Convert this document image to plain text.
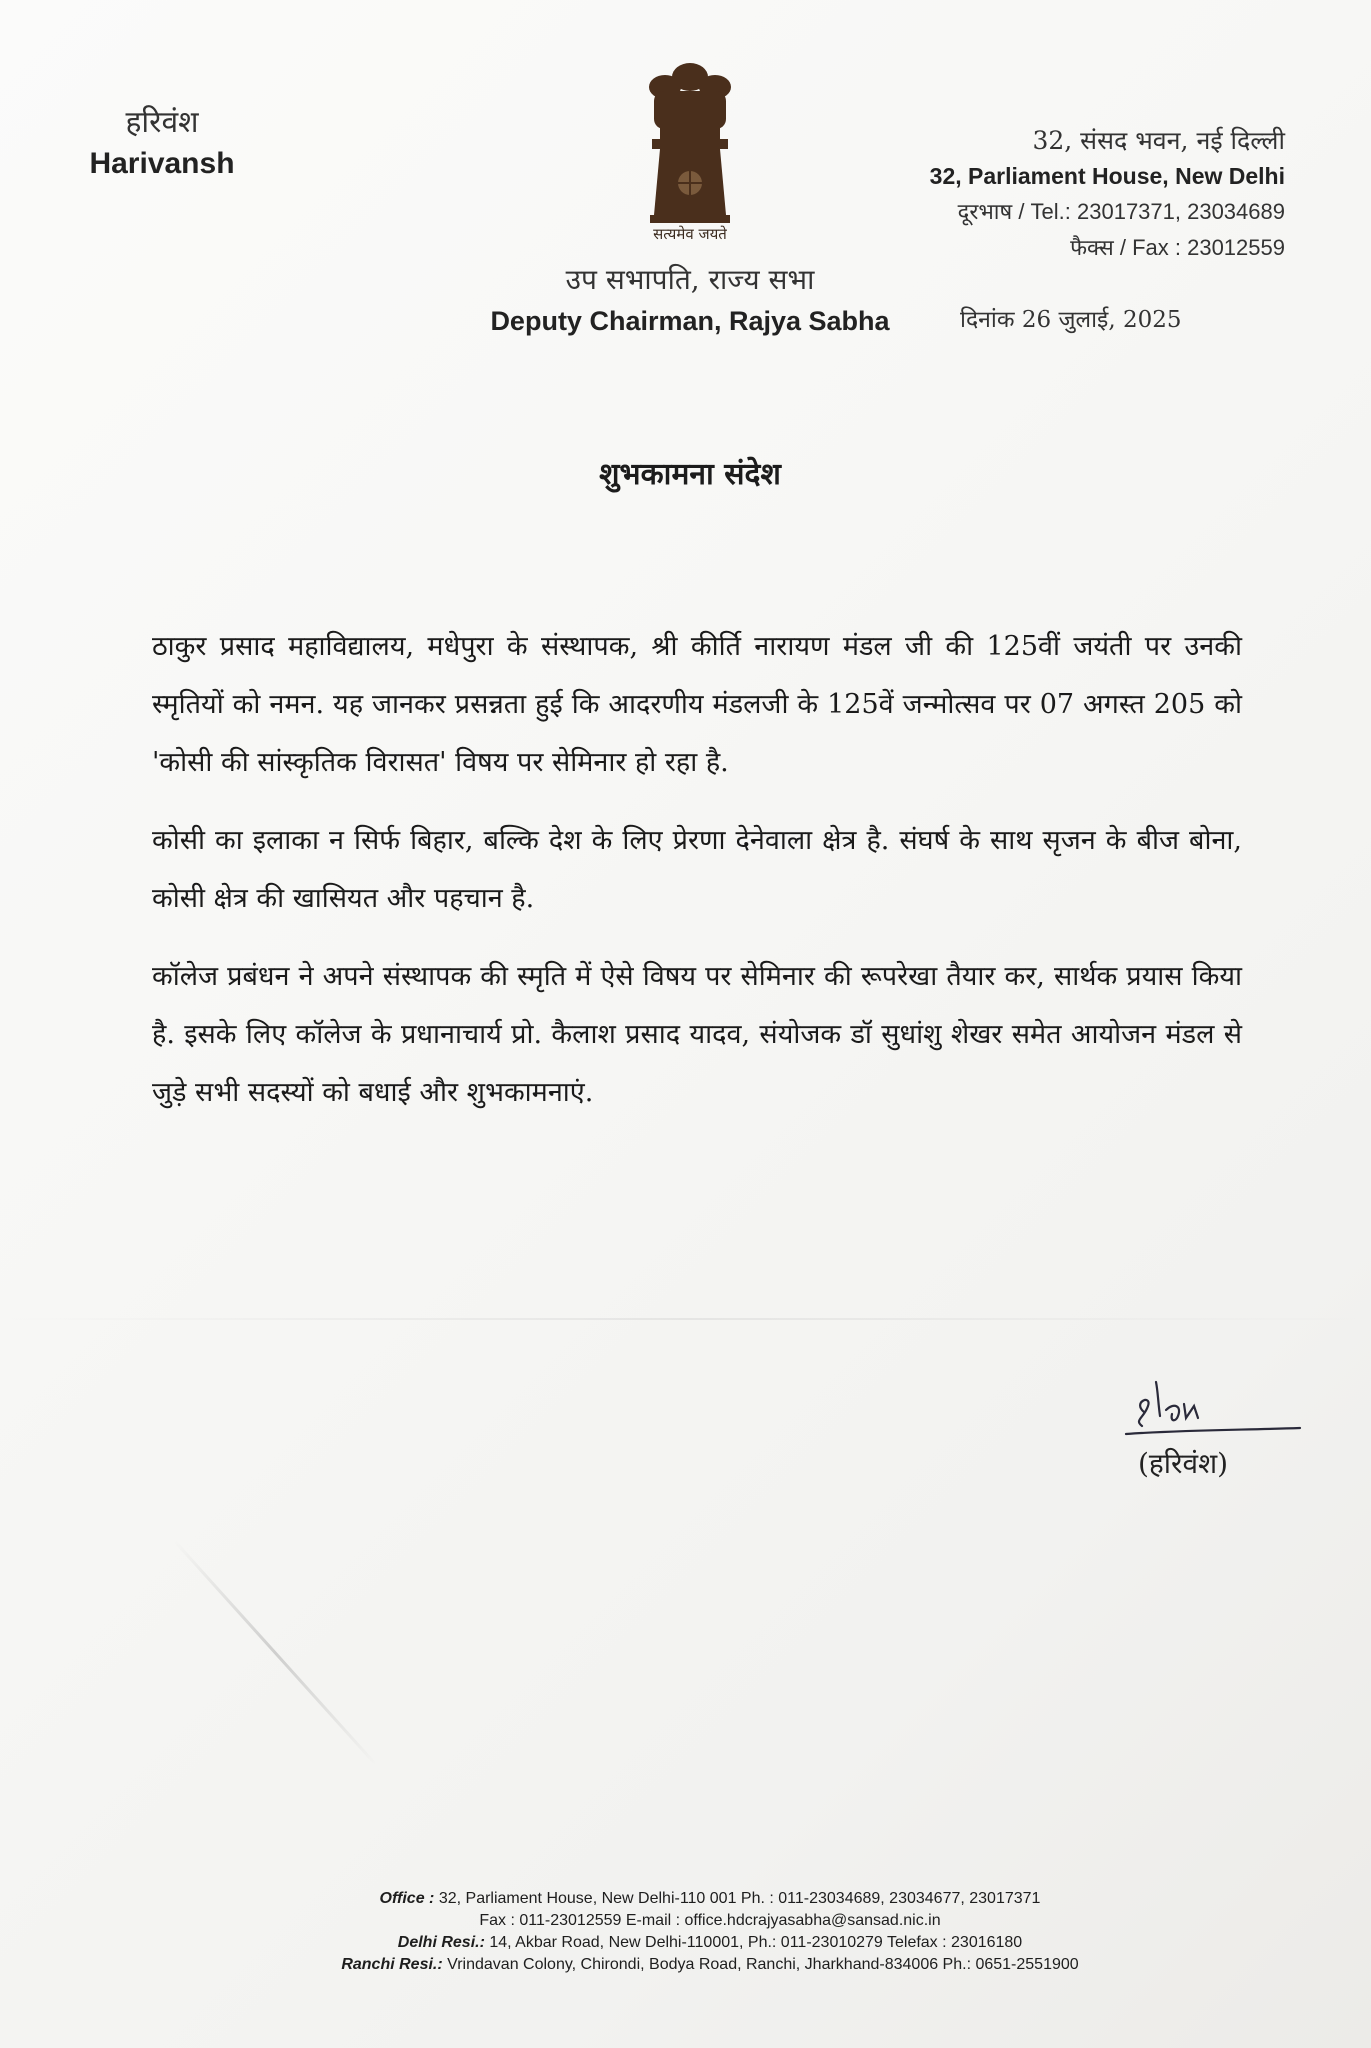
हरिवंश
Harivansh
सत्यमेव जयते
उप सभापति, राज्य सभा
Deputy Chairman, Rajya Sabha
32, संसद भवन, नई दिल्ली
32, Parliament House, New Delhi
दूरभाष / Tel.: 23017371, 23034689
फैक्स / Fax : 23012559
दिनांक 26 जुलाई, 2025
शुभकामना संदेश

ठाकुर प्रसाद महाविद्यालय, मधेपुरा के संस्थापक, श्री कीर्ति नारायण मंडल जी की 125वीं जयंती पर उनकी स्मृतियों को नमन. यह जानकर प्रसन्नता हुई कि आदरणीय मंडलजी के 125वें जन्मोत्सव पर 07 अगस्त 205 को 'कोसी की सांस्कृतिक विरासत' विषय पर सेमिनार हो रहा है.

कोसी का इलाका न सिर्फ बिहार, बल्कि देश के लिए प्रेरणा देनेवाला क्षेत्र है. संघर्ष के साथ सृजन के बीज बोना, कोसी क्षेत्र की खासियत और पहचान है.

कॉलेज प्रबंधन ने अपने संस्थापक की स्मृति में ऐसे विषय पर सेमिनार की रूपरेखा तैयार कर, सार्थक प्रयास किया है. इसके लिए कॉलेज के प्रधानाचार्य प्रो. कैलाश प्रसाद यादव, संयोजक डॉ सुधांशु शेखर समेत आयोजन मंडल से जुड़े सभी सदस्यों को बधाई और शुभकामनाएं.

(हरिवंश)
Office : 32, Parliament House, New Delhi-110 001 Ph. : 011-23034689, 23034677, 23017371
Fax : 011-23012559 E-mail : office.hdcrajyasabha@sansad.nic.in
Delhi Resi.: 14, Akbar Road, New Delhi-110001, Ph.: 011-23010279 Telefax : 23016180
Ranchi Resi.: Vrindavan Colony, Chirondi, Bodya Road, Ranchi, Jharkhand-834006 Ph.: 0651-2551900
